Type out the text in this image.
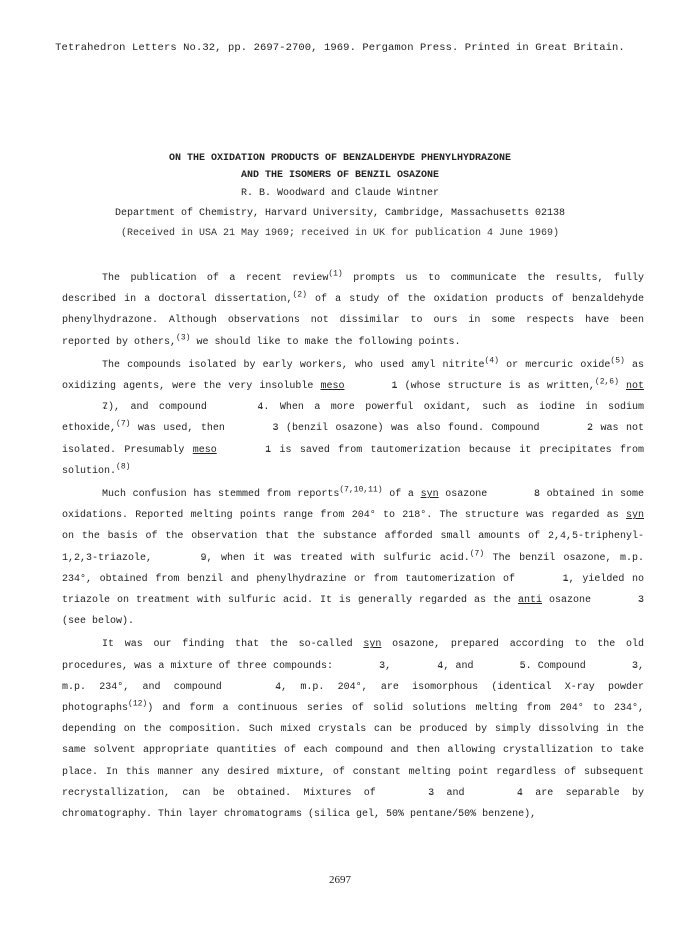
Tetrahedron Letters No.32, pp. 2697-2700, 1969. Pergamon Press. Printed in Great Britain.
ON THE OXIDATION PRODUCTS OF BENZALDEHYDE PHENYLHYDRAZONE
AND THE ISOMERS OF BENZIL OSAZONE
R. B. Woodward and Claude Wintner
Department of Chemistry, Harvard University, Cambridge, Massachusetts 02138
(Received in USA 21 May 1969; received in UK for publication 4 June 1969)

The publication of a recent review$^{(1)}$ prompts us to communicate the results, fully described in a doctoral dissertation,$^{(2)}$ of a study of the oxidation products of benzaldehyde phenylhydrazone. Although observations not dissimilar to ours in some respects have been reported by others,$^{(3)}$ we should like to make the following points.

The compounds isolated by early workers, who used amyl nitrite$^{(4)}$ or mercuric oxide$^{(5)}$ as oxidizing agents, were the very insoluble meso	1 ~ (whose structure is as written,$^{(2,6)}$ not 7 ~), and compound	4 ~. When a more powerful oxidant, such as iodine in sodium ethoxide,$^{(7)}$ was used, then	3 ~ (benzil osazone) was also found. Compound	2 ~ was not isolated. Presumably meso	1 ~ is saved from tautomerization because it precipitates from solution.$^{(8)}$

Much confusion has stemmed from reports$^{(7,10,11)}$ of a syn osazone	8 ~ obtained in some oxidations. Reported melting points range from 204° to 218°. The structure was regarded as syn on the basis of the observation that the substance afforded small amounts of 2,4,5-triphenyl-1,2,3-triazole,	9 ~, when it was treated with sulfuric acid.$^{(7)}$ The benzil osazone, m.p. 234°, obtained from benzil and phenylhydrazine or from tautomerization of	1 ~, yielded no triazole on treatment with sulfuric acid. It is generally regarded as the anti osazone	3 ~ (see below).

It was our finding that the so-called syn osazone, prepared according to the old procedures, was a mixture of three compounds:	3 ~,	4 ~, and	5 ~. Compound	3 ~, m.p. 234°, and compound	4 ~, m.p. 204°, are isomorphous (identical X-ray powder photographs$^{(12)}$) and form a continuous series of solid solutions melting from 204° to 234°, depending on the composition. Such mixed crystals can be produced by simply dissolving in the same solvent appropriate quantities of each compound and then allowing crystallization to take place. In this manner any desired mixture, of constant melting point regardless of subsequent recrystallization, can be obtained. Mixtures of	3 ~ and	4 ~ are separable by chromatography. Thin layer chromatograms (silica gel, 50% pentane/50% benzene),

2697
